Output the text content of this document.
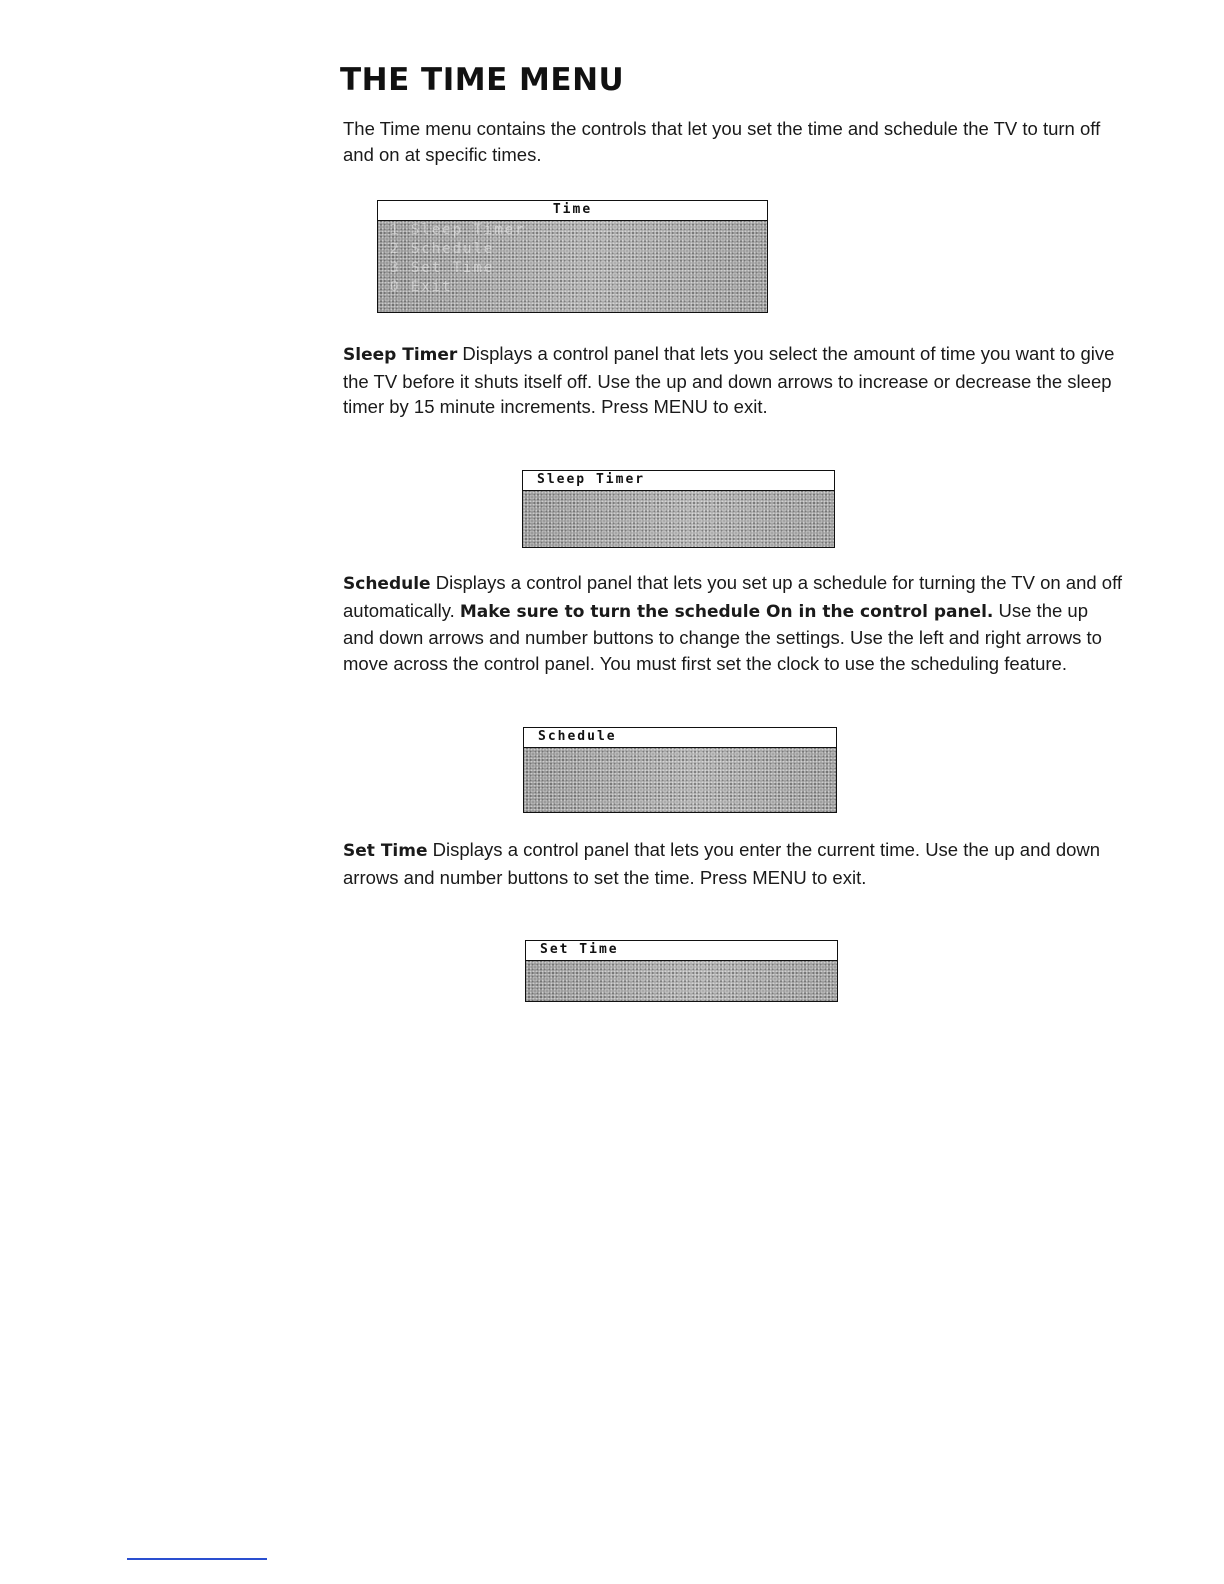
THE TIME MENU

The Time menu contains the controls that let you set the time and schedule the TV to turn off and on at specific times.

Time
1 Sleep Timer
2 Schedule
3 Set Time
0 Exit

Sleep Timer Displays a control panel that lets you select the amount of time you want to give the TV before it shuts itself off. Use the up and down arrows to increase or decrease the sleep timer by 15 minute increments. Press MENU to exit.

Sleep Timer

Schedule Displays a control panel that lets you set up a schedule for turning the TV on and off automatically. Make sure to turn the schedule On in the control panel. Use the up and down arrows and number buttons to change the settings. Use the left and right arrows to move across the control panel. You must first set the clock to use the scheduling feature.

Schedule

Set Time Displays a control panel that lets you enter the current time. Use the up and down arrows and number buttons to set the time. Press MENU to exit.

Set Time
